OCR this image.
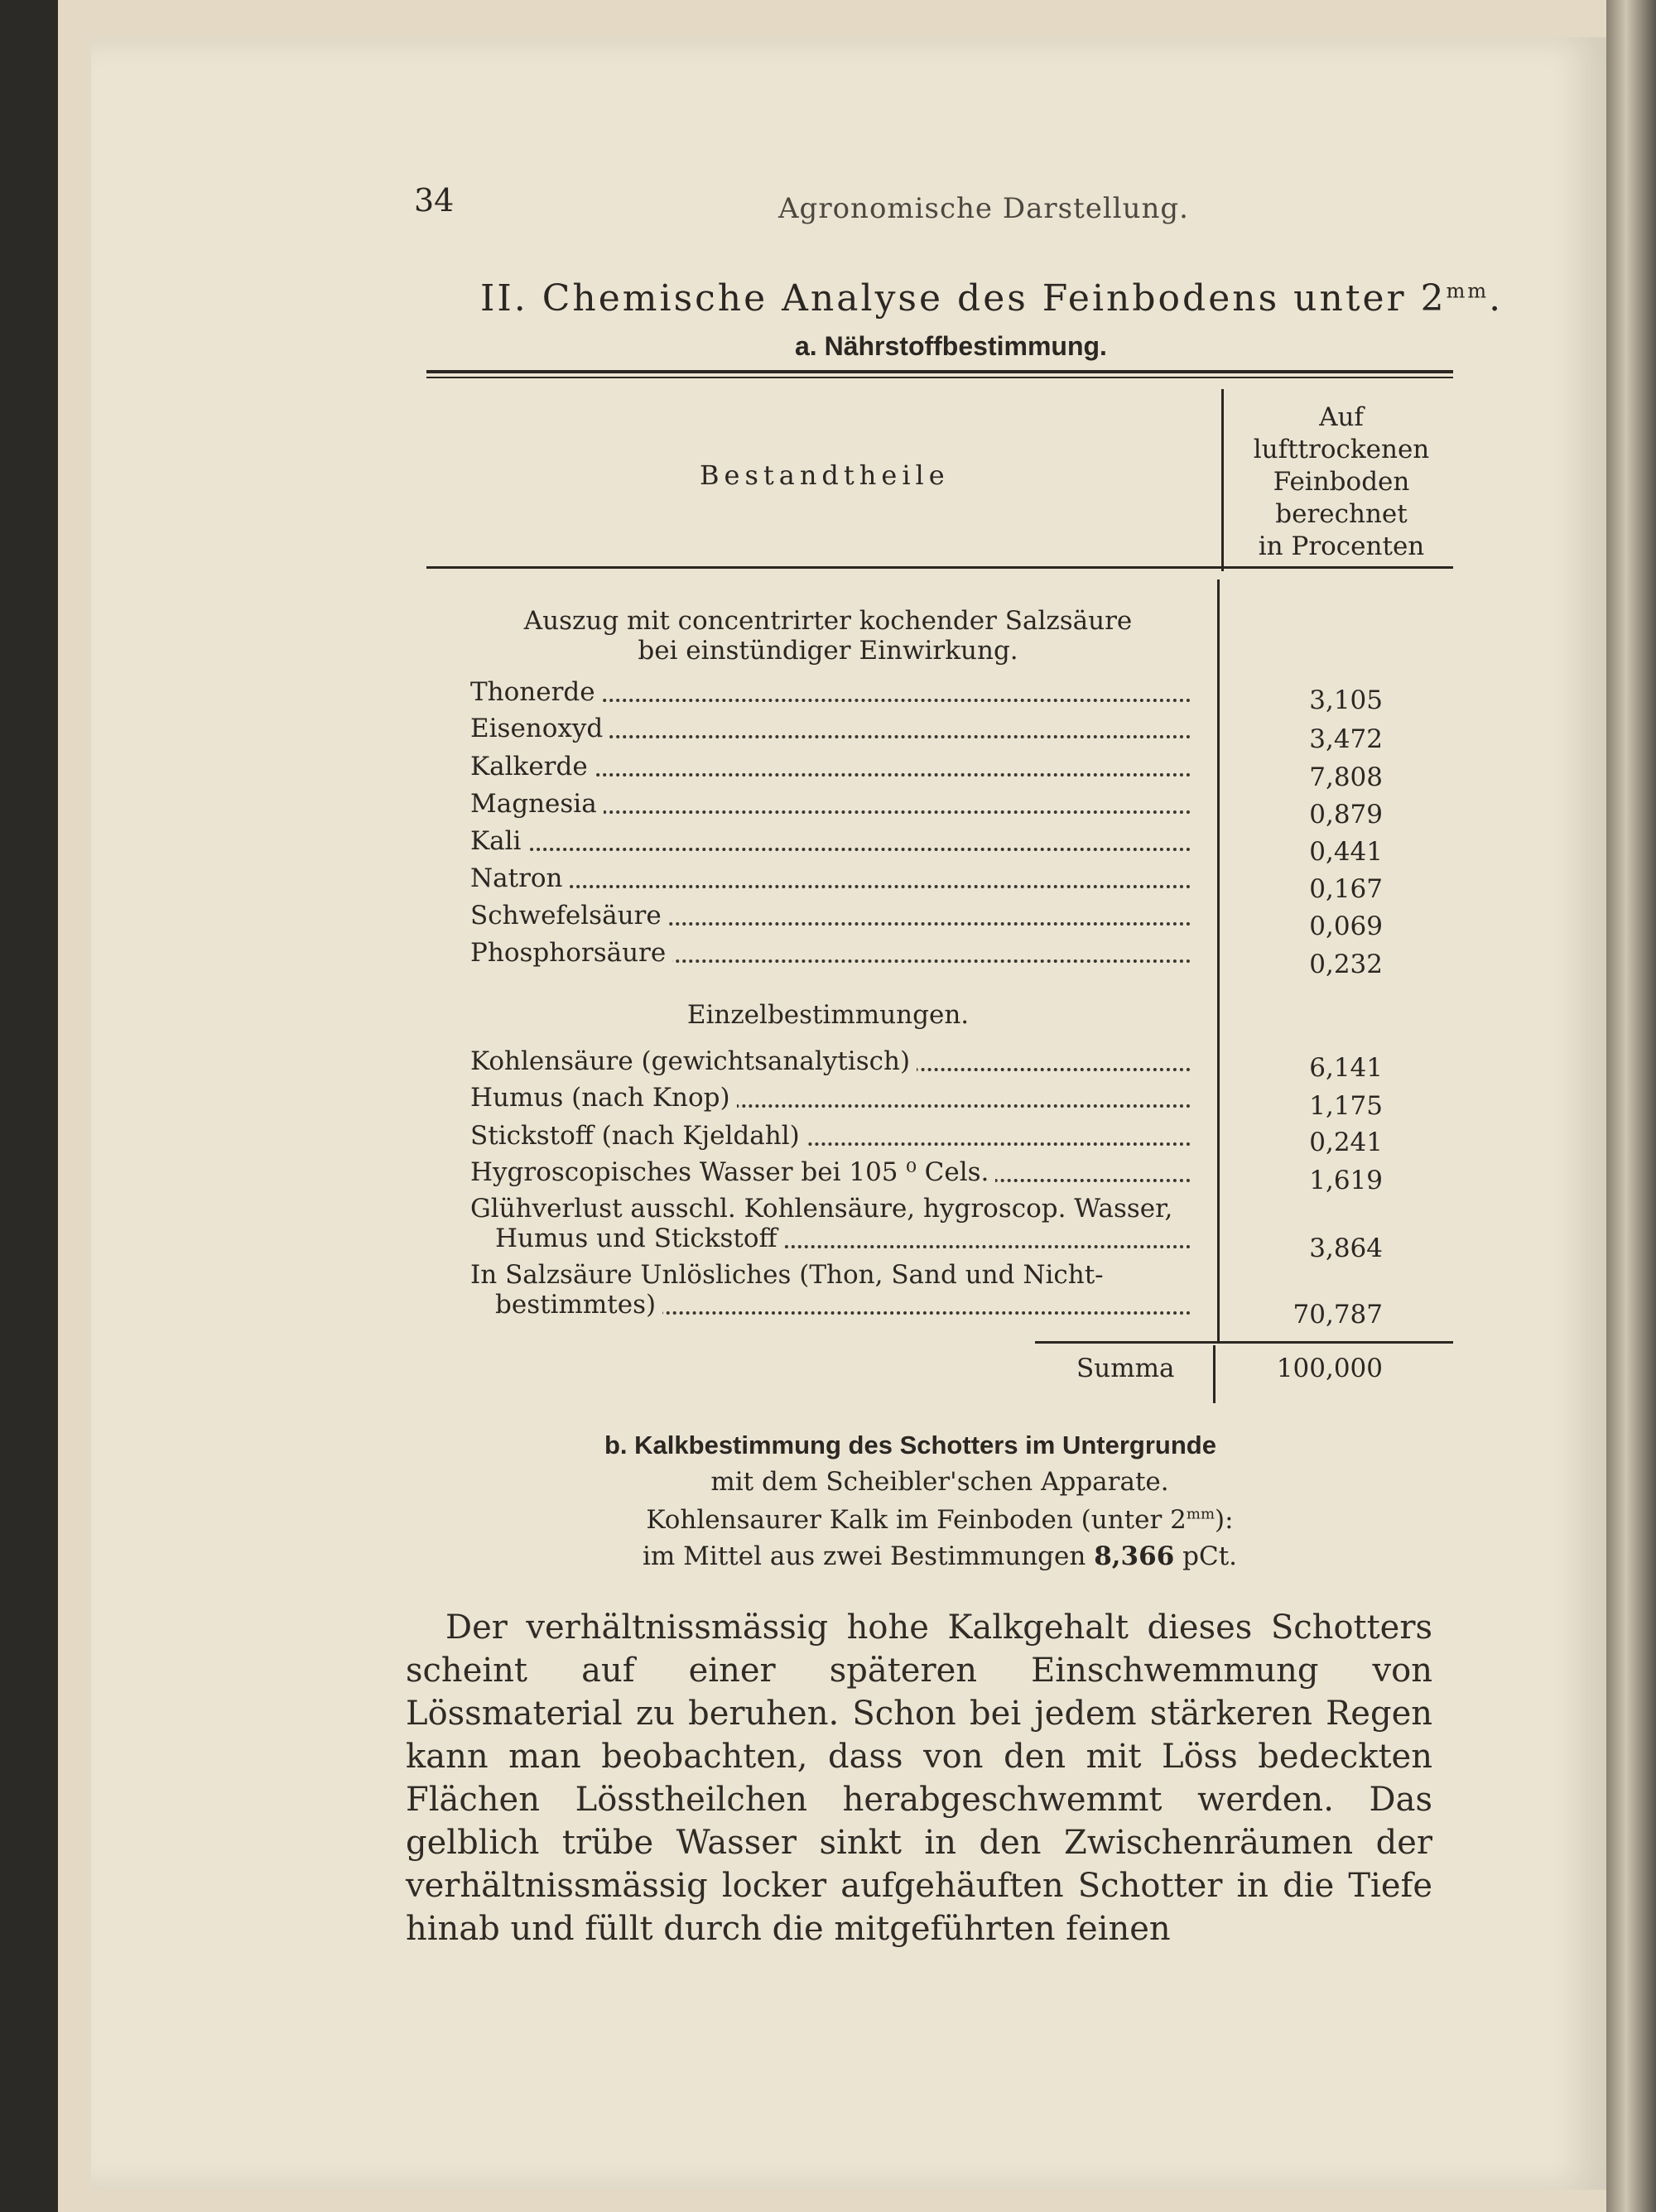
34	Agronomische Darstellung.
II. Chemische Analyse des Feinbodens unter $2^{mm}$.
a. Nährstoffbestimmung.
Bestandtheile
Auf
lufttrockenen
Feinboden
berechnet
in Procenten
Auszug mit concentrirter kochender Salzsäure
bei einstündiger Einwirkung.
Thonerde	3,105
Eisenoxyd	3,472
Kalkerde	7,808
Magnesia	0,879
Kali	0,441
Natron	0,167
Schwefelsäure	0,069
Phosphorsäure	0,232
Einzelbestimmungen.
Kohlensäure (gewichtsanalytisch)	6,141
Humus (nach Knop)	1,175
Stickstoff (nach Kjeldahl)	0,241
Hygroscopisches Wasser bei 105 ⁰ Cels.	1,619
Glühverlust ausschl. Kohlensäure, hygroscop. Wasser,
Humus und Stickstoff	3,864
In Salzsäure Unlösliches (Thon, Sand und Nicht-
bestimmtes)	70,787
Summa	100,000
b. Kalkbestimmung des Schotters im Untergrunde
mit dem Scheibler'schen Apparate.
Kohlensaurer Kalk im Feinboden (unter $2^{mm}$):
im Mittel aus zwei Bestimmungen 8,366 pCt.

Der verhältnissmässig hohe Kalkgehalt dieses Schotters scheint auf einer späteren Einschwemmung von Lössmaterial zu beruhen. Schon bei jedem stärkeren Regen kann man beobachten, dass von den mit Löss bedeckten Flächen Lösstheilchen herabgeschwemmt werden. Das gelblich trübe Wasser sinkt in den Zwischenräumen der verhältnissmässig locker aufgehäuften Schotter in die Tiefe hinab und füllt durch die mitgeführten feinen
